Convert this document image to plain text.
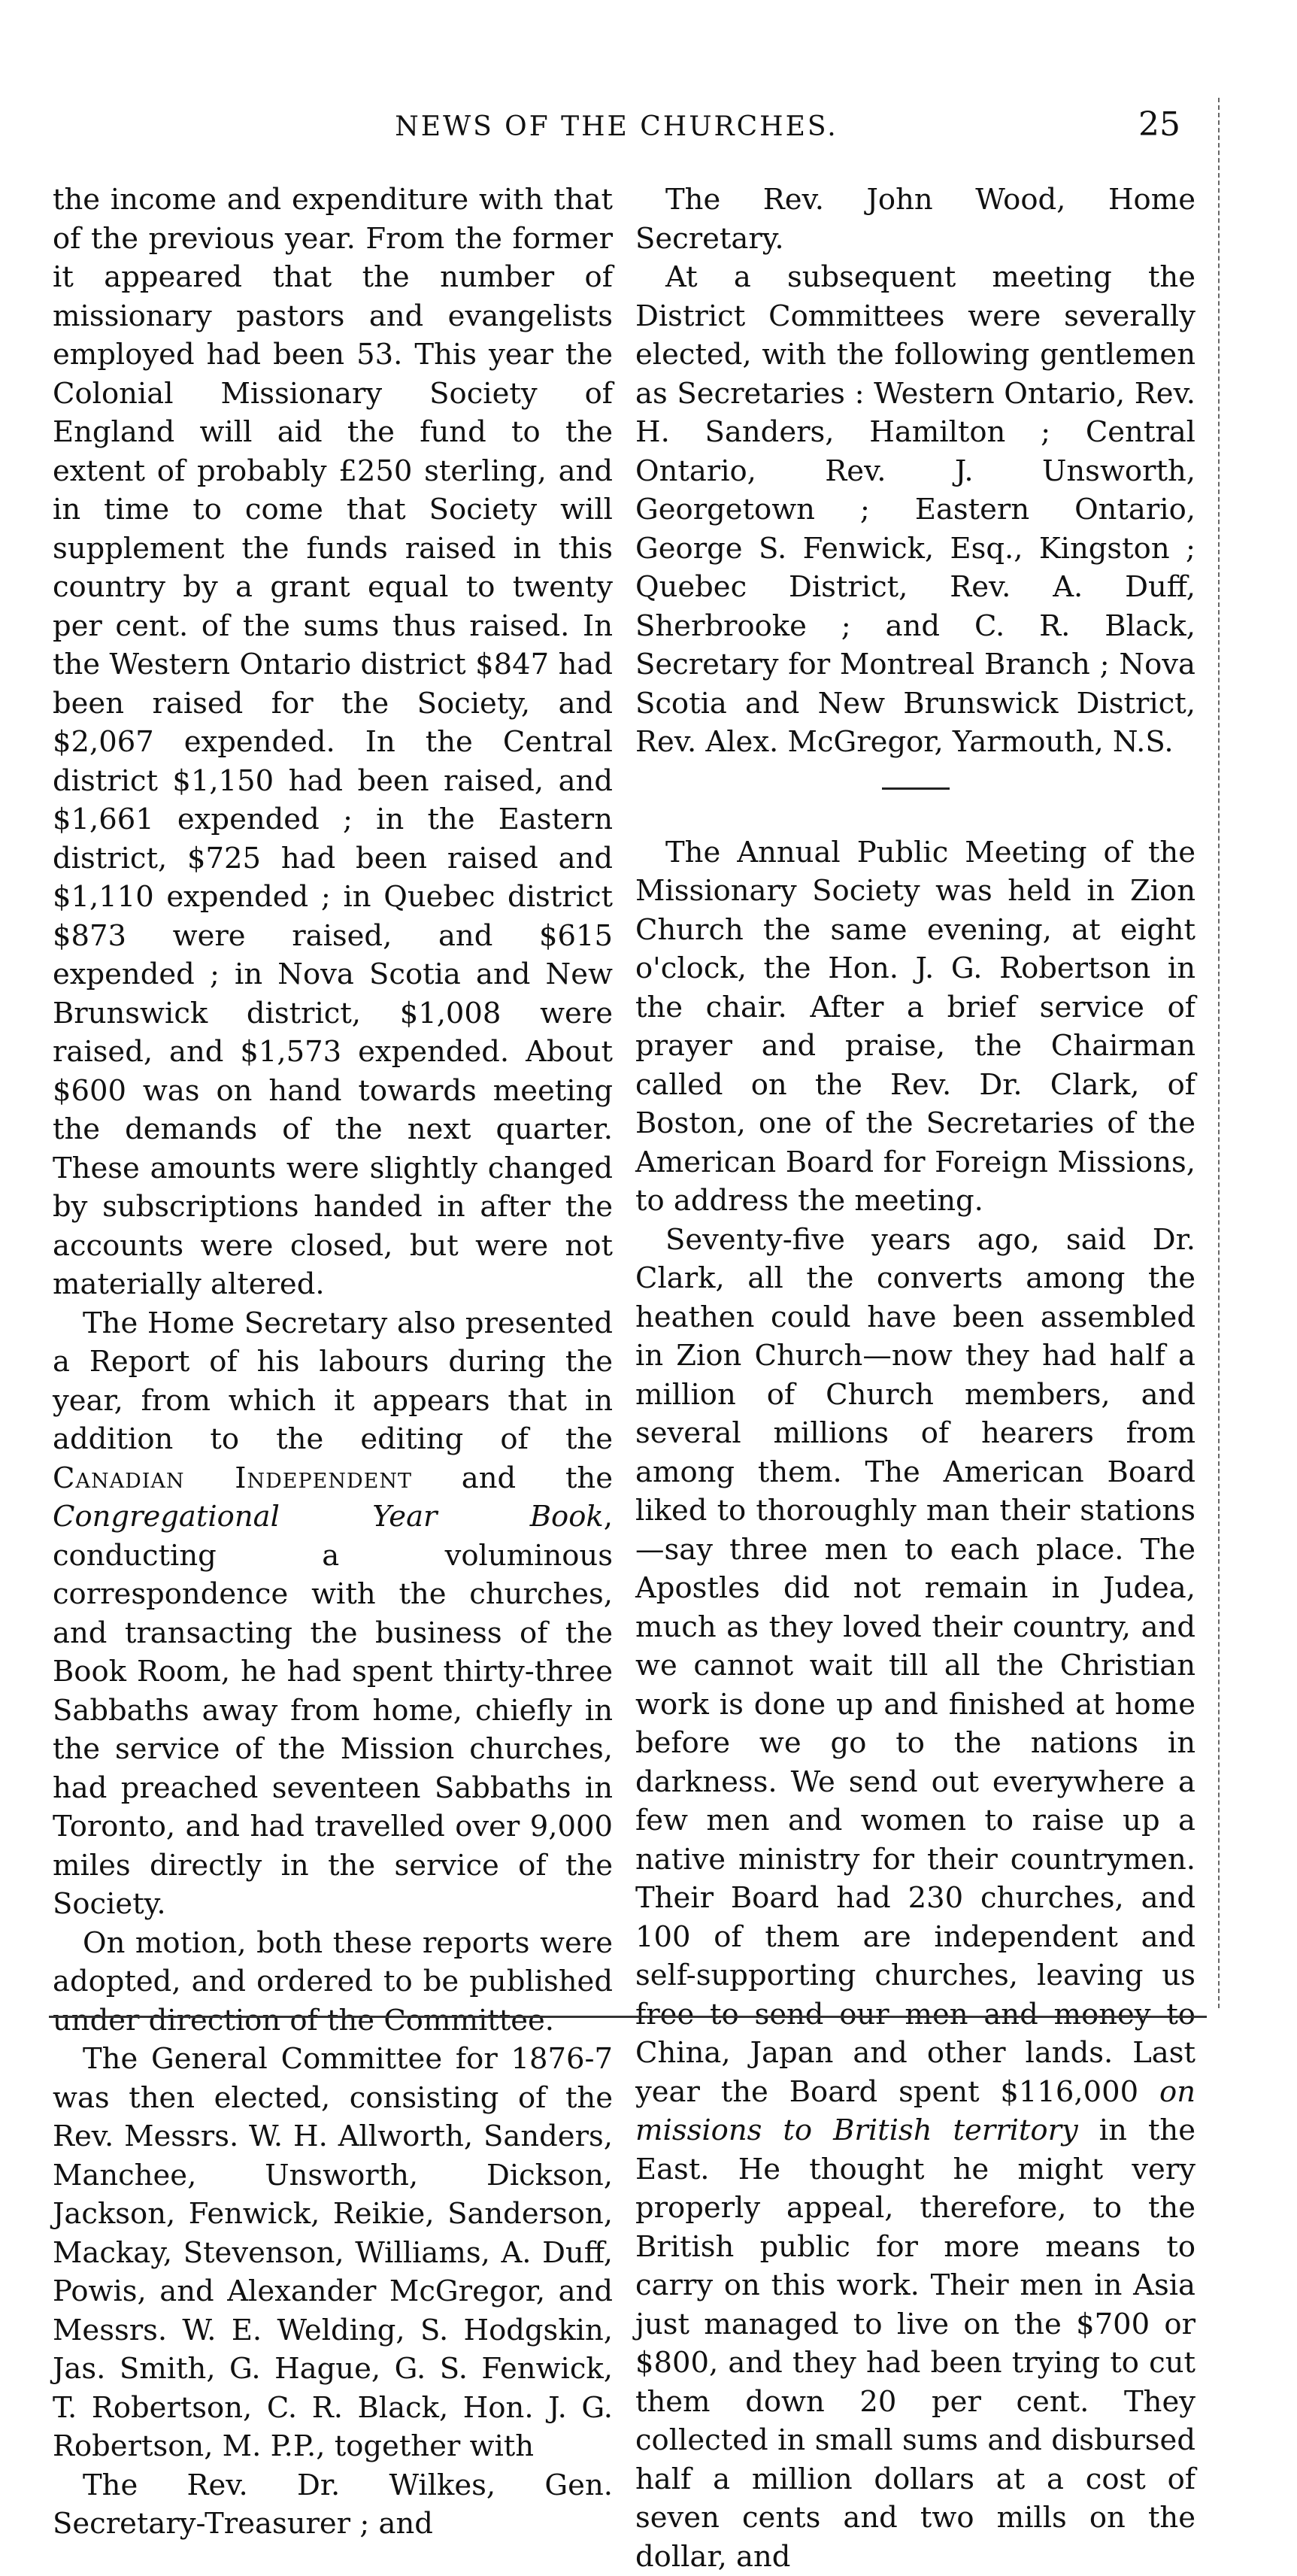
NEWS OF THE CHURCHES.	25

the income and expenditure with that of the previous year. From the former it appeared that the number of missionary pastors and evangelists employed had been 53. This year the Colonial Missionary Society of England will aid the fund to the extent of probably £250 sterling, and in time to come that Society will supplement the funds raised in this country by a grant equal to twenty per cent. of the sums thus raised. In the Western Ontario district $847 had been raised for the Society, and $2,067 expended. In the Central district $1,150 had been raised, and $1,661 expended ; in the Eastern district, $725 had been raised and $1,110 expended ; in Quebec district $873 were raised, and $615 expended ; in Nova Scotia and New Brunswick district, $1,008 were raised, and $1,573 expended. About $600 was on hand towards meeting the demands of the next quarter. These amounts were slightly changed by subscriptions handed in after the accounts were closed, but were not materially altered.

The Home Secretary also presented a Report of his labours during the year, from which it appears that in addition to the editing of the Canadian Independent and the Congregational Year Book, conducting a voluminous correspondence with the churches, and transacting the business of the Book Room, he had spent thirty-three Sabbaths away from home, chiefly in the service of the Mission churches, had preached seventeen Sabbaths in Toronto, and had travelled over 9,000 miles directly in the service of the Society.

On motion, both these reports were adopted, and ordered to be published under direction of the Committee.

The General Committee for 1876-7 was then elected, consisting of the Rev. Messrs. W. H. Allworth, Sanders, Manchee, Unsworth, Dickson, Jackson, Fenwick, Reikie, Sanderson, Mackay, Stevenson, Williams, A. Duff, Powis, and Alexander McGregor, and Messrs. W. E. Welding, S. Hodgskin, Jas. Smith, G. Hague, G. S. Fenwick, T. Robertson, C. R. Black, Hon. J. G. Robertson, M. P.P., together with

The Rev. Dr. Wilkes, Gen. Secretary-Treasurer ; and

The Rev. John Wood, Home Secretary.

At a subsequent meeting the District Committees were severally elected, with the following gentlemen as Secretaries : Western Ontario, Rev. H. Sanders, Hamilton ; Central Ontario, Rev. J. Unsworth, Georgetown ; Eastern Ontario, George S. Fenwick, Esq., Kingston ; Quebec District, Rev. A. Duff, Sherbrooke ; and C. R. Black, Secretary for Montreal Branch ; Nova Scotia and New Brunswick District, Rev. Alex. McGregor, Yarmouth, N.S.

The Annual Public Meeting of the Missionary Society was held in Zion Church the same evening, at eight o'clock, the Hon. J. G. Robertson in the chair. After a brief service of prayer and praise, the Chairman called on the Rev. Dr. Clark, of Boston, one of the Secretaries of the American Board for Foreign Missions, to address the meeting.

Seventy-five years ago, said Dr. Clark, all the converts among the heathen could have been assembled in Zion Church—now they had half a million of Church members, and several millions of hearers from among them. The American Board liked to thoroughly man their stations—say three men to each place. The Apostles did not remain in Judea, much as they loved their country, and we cannot wait till all the Christian work is done up and finished at home before we go to the nations in darkness. We send out everywhere a few men and women to raise up a native ministry for their countrymen. Their Board had 230 churches, and 100 of them are independent and self-supporting churches, leaving us free to send our men and money to China, Japan and other lands. Last year the Board spent $116,000 on missions to British territory in the East. He thought he might very properly appeal, therefore, to the British public for more means to carry on this work. Their men in Asia just managed to live on the $700 or $800, and they had been trying to cut them down 20 per cent. They collected in small sums and disbursed half a million dollars at a cost of seven cents and two mills on the dollar, and
